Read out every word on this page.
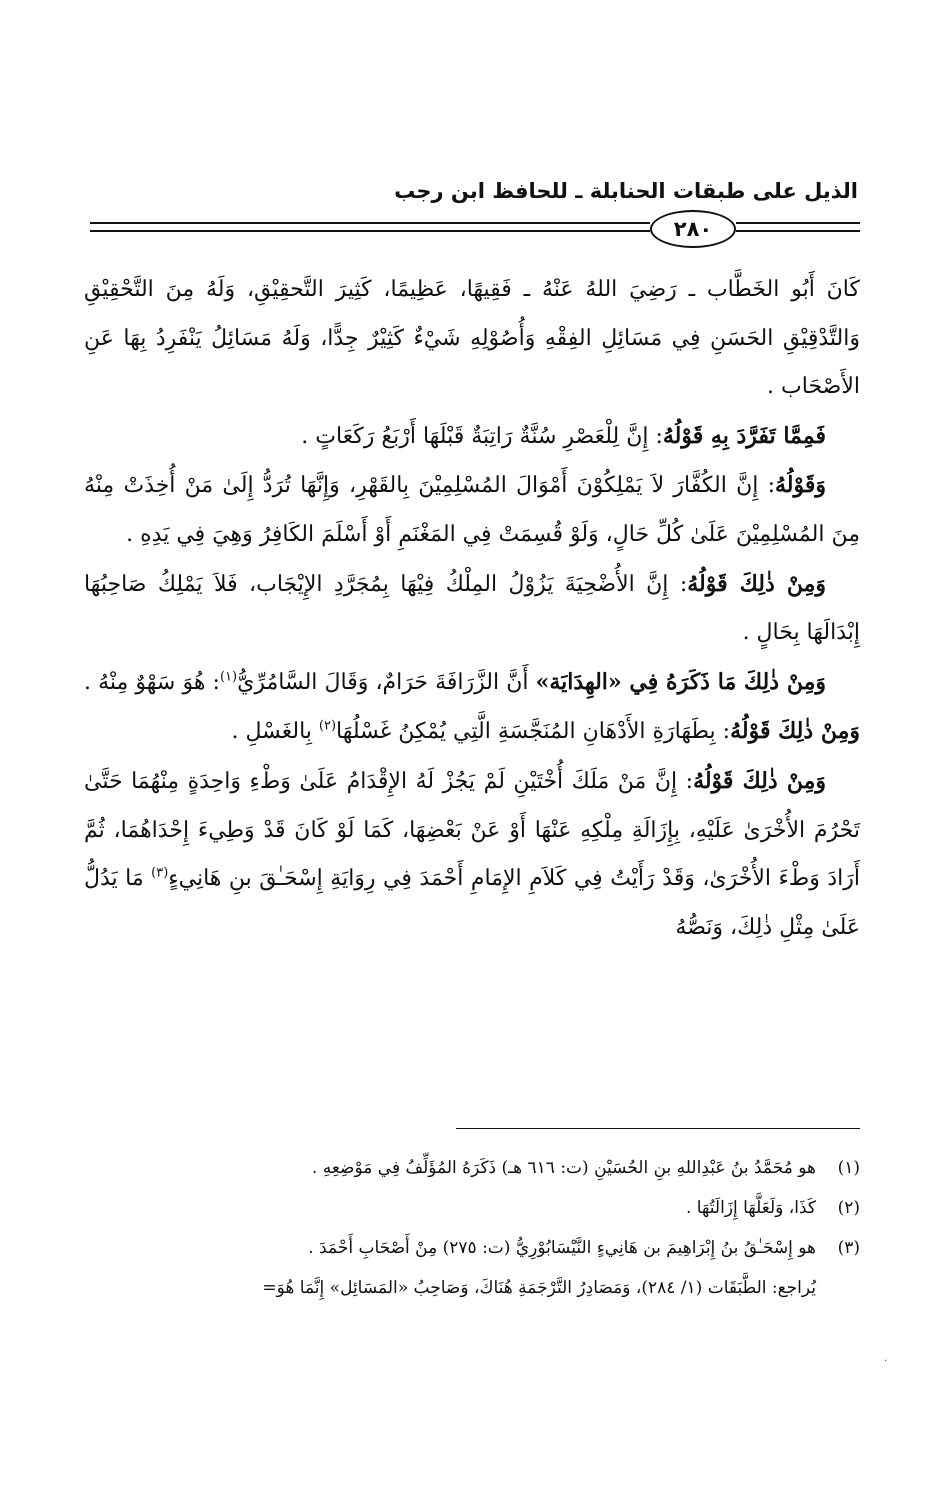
الذيل على طبقات الحنابلة ـ للحافظ ابن رجب
٢٨٠

كَانَ أَبُو الخَطَّاب ـ رَضِيَ اللهُ عَنْهُ ـ فَقِيهًا، عَظِيمًا، كَثِيرَ التَّحقِيْقِ، وَلَهُ مِنَ التَّحْقِيْقِ وَالتَّدْقِيْقِ الحَسَنِ فِي مَسَائِلِ الفِقْهِ وَأُصُوْلِهِ شَيْءٌ كَثِيْرٌ جِدًّا، وَلَهُ مَسَائِلُ يَنْفَرِدُ بِهَا عَنِ الأَصْحَاب .

فَمِمَّا تَفَرَّدَ بِهِ قَوْلُهُ: إِنَّ لِلْعَصْرِ سُنَّةٌ رَاتِبَةٌ قَبْلَهَا أَرْبَعُ رَكَعَاتٍ .

وَقَوْلُهُ: إِنَّ الكُفَّارَ لاَ يَمْلِكُوْنَ أَمْوَالَ المُسْلِمِيْنَ بِالقَهْرِ، وَإِنَّهَا تُرَدُّ إِلَىٰ مَنْ أُخِذَتْ مِنْهُ مِنَ المُسْلِمِيْنَ عَلَىٰ كُلِّ حَالٍ، وَلَوْ قُسِمَتْ فِي المَغْنَمِ أَوْ أَسْلَمَ الكَافِرُ وَهِيَ فِي يَدِهِ .

وَمِنْ ذٰلِكَ قَوْلُهُ: إِنَّ الأُضْحِيَةَ يَزُوْلُ المِلْكُ فِيْهَا بِمُجَرَّدِ الإِيْجَاب، فَلاَ يَمْلِكُ صَاحِبُهَا إِبْدَالَهَا بِحَالٍ .

وَمِنْ ذٰلِكَ مَا ذَكَرَهُ فِي «الهِدَايَة» أَنَّ الزَّرَافَةَ حَرَامٌ، وَقَالَ السَّامُرِّيُّ$^{(١)}$: هُوَ سَهْوٌ مِنْهُ . وَمِنْ ذٰلِكَ قَوْلُهُ: بِطَهَارَةِ الأَدْهَانِ المُنَجَّسَةِ الَّتِي يُمْكِنُ غَسْلُهَا$^{(٢)}$ بِالغَسْلِ .

وَمِنْ ذٰلِكَ قَوْلُهُ: إِنَّ مَنْ مَلَكَ أُخْتَيْنِ لَمْ يَجُزْ لَهُ الإِقْدَامُ عَلَىٰ وَطْءِ وَاحِدَةٍ مِنْهُمَا حَتَّىٰ تَحْرُمَ الأُخْرَىٰ عَلَيْهِ، بِإِزَالَةِ مِلْكِهِ عَنْهَا أَوْ عَنْ بَعْضِهَا، كَمَا لَوْ كَانَ قَدْ وَطِيءَ إِحْدَاهُمَا، ثُمَّ أَرَادَ وَطْءَ الأُخْرَىٰ، وَقَدْ رَأَيْتُ فِي كَلاَمِ الإِمَامِ أَحْمَدَ فِي رِوَايَةِ إِسْحَـٰقَ بنِ هَانِيءٍ$^{(٣)}$ مَا يَدُلُّ عَلَىٰ مِثْلِ ذٰلِكَ، وَنَصُّهُ

(١)
هو مُحَمَّدُ بنُ عَبْدِاللهِ بنِ الحُسَيْنِ (ت: ٦١٦ هـ) ذَكَرَهُ المُؤَلِّفُ فِي مَوْضِعِهِ .
(٢)
كَذَا، وَلَعَلَّهَا إِزَالَتُهَا .
(٣)
هو إِسْحَـٰقُ بنُ إِبْرَاهِيمَ بن هَانِيءٍ النَّيْسَابُوْرِيُّ (ت: ٢٧٥) مِنْ أَصْحَابِ أَحْمَدَ .
يُراجع: الطَّبَقَات (١/ ٢٨٤)، وَمَصَادِرُ التَّرْجَمَةِ هُنَاكَ، وَصَاحِبُ «المَسَائِل» إِنَّمَا هُوَ=
·
